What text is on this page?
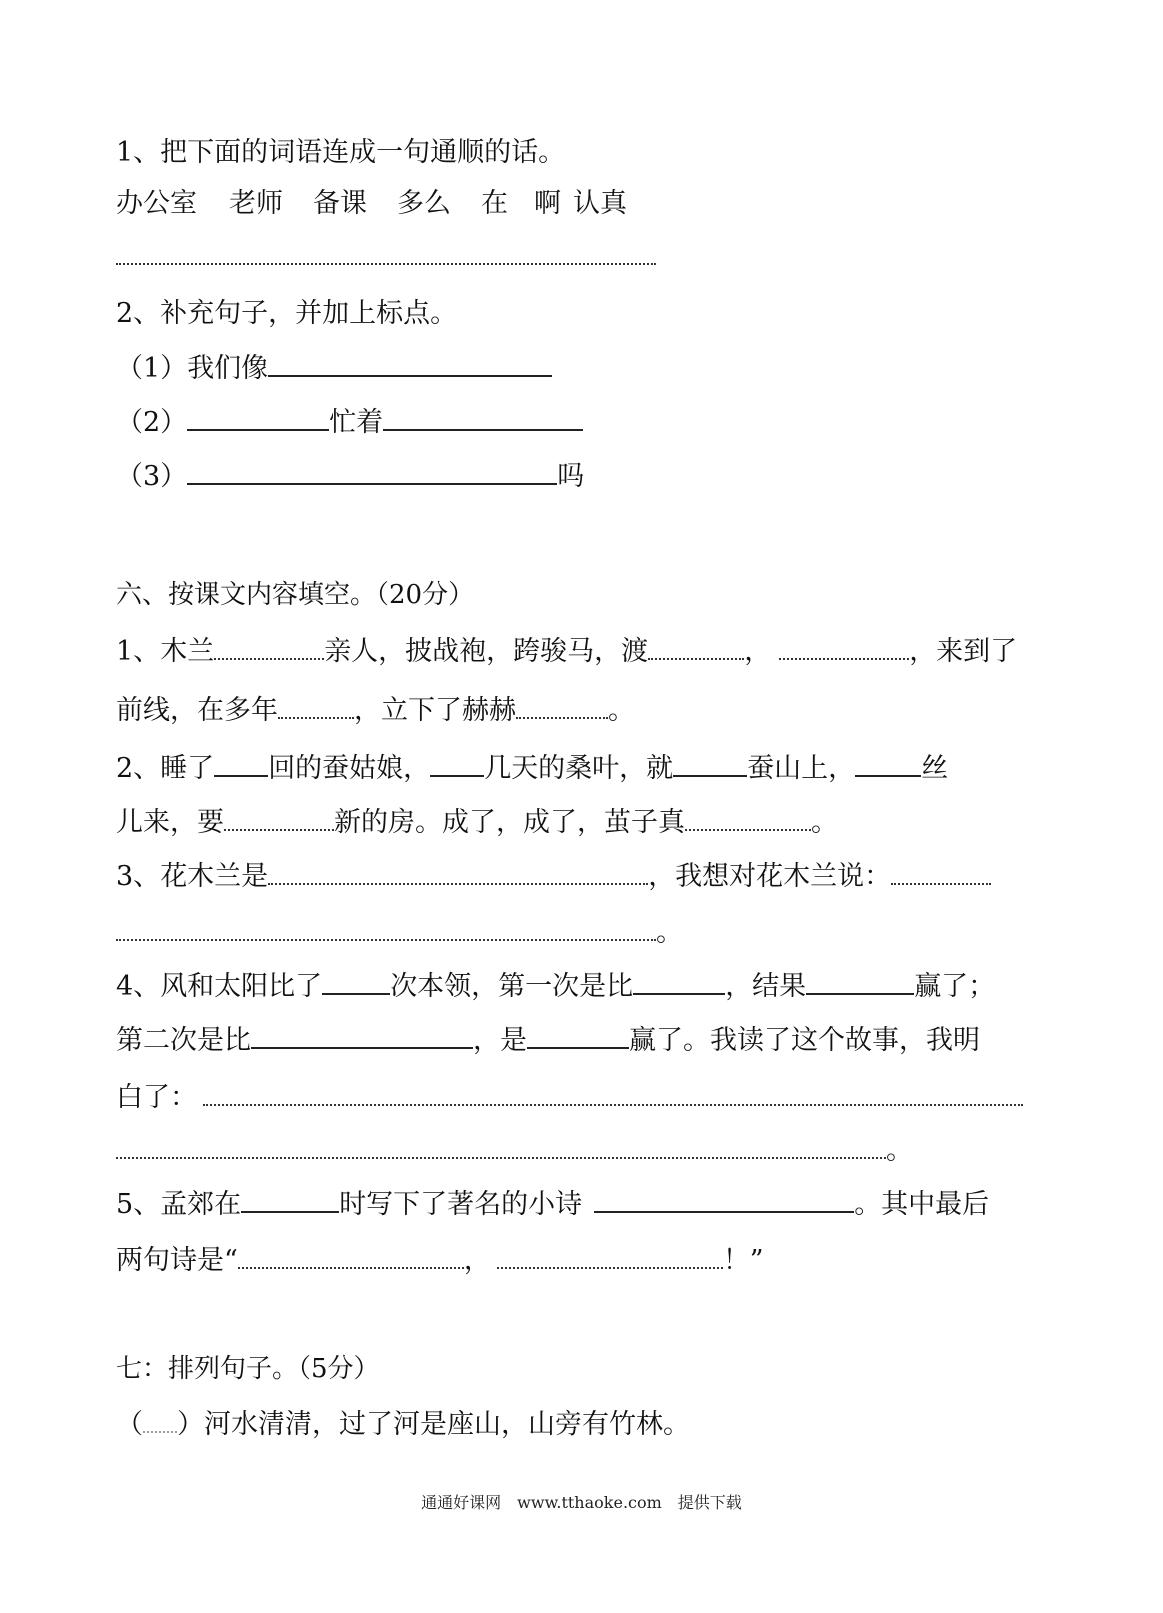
1、把下面的词语连成一句通顺的话。
办公室 老师 备课 多么 在 啊 认真
2、补充句子，并加上标点。
（1）我们像
（2）	忙着
（3）	吗
六、按课文内容填空。（20分）
1、木兰	亲人，披战袍，跨骏马，渡	，	，来到了
前线，在多年	，立下了赫赫	。
2、睡了 回的蚕姑娘， 几天的桑叶，就	蚕山上， 丝
儿来，要	新的房。成了，成了，茧子真	。
3、花木兰是	，我想对花木兰说：
。
4、风和太阳比了	次本领，第一次是比	，结果	赢了；
第二次是比	，是	赢了。我读了这个故事，我明
白了：
。
5、孟郊在	时写下了著名的小诗	。其中最后
两句诗是“	，	！”
七：排列句子。（5分）
（ ）河水清清，过了河是座山，山旁有竹林。
通通好课网　www.tthaoke.com　提供下载
